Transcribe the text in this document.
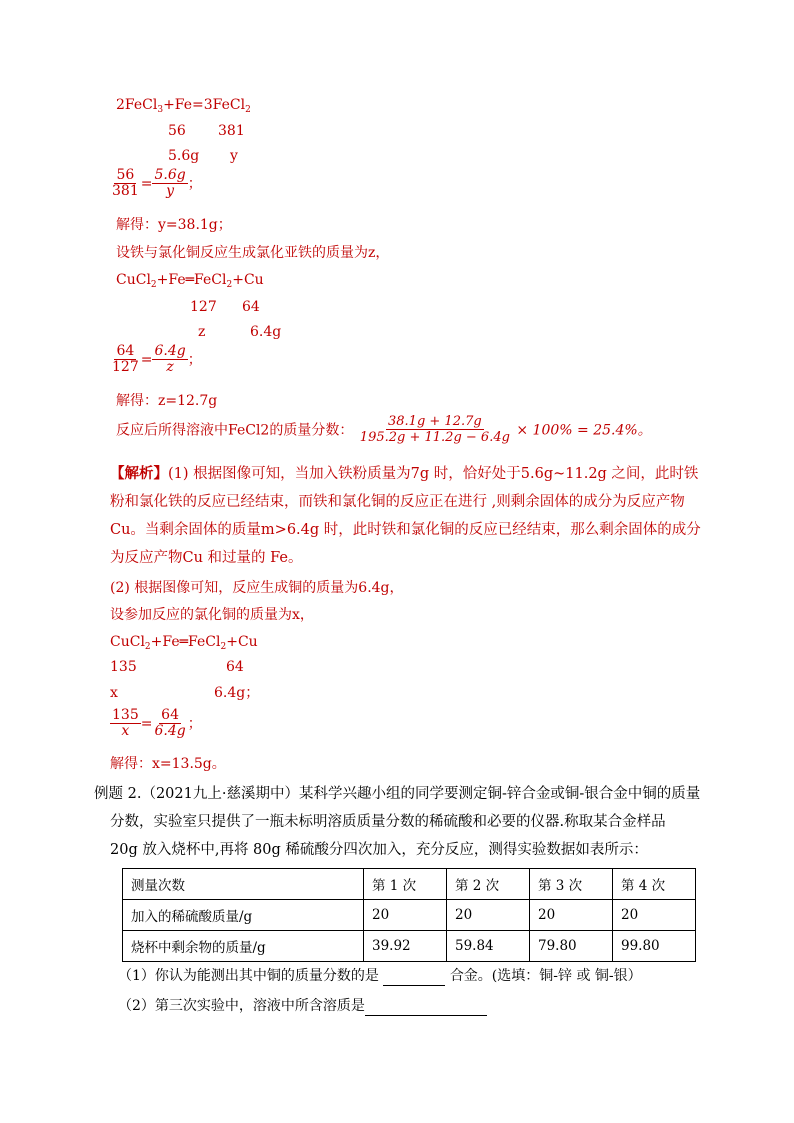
2FeCl$_3$+Fe=3FeCl$_2$
56 381
5.6g y
$\frac{56}{381} = \frac{5.6g}{y}$ ；
解得：y=38.1g；
设铁与氯化铜反应生成氯化亚铁的质量为z，
CuCl$_2$+Fe═FeCl$_2$+Cu
127 64
z	6.4g
$\frac{64}{127} = \frac{6.4g}{z}$ ；
解得：z=12.7g
反应后所得溶液中FeCl2的质量分数： $\frac{38.1g + 12.7g}{195.2g + 11.2g - 6.4g} \times 100\% = 25.4\%$。
【解析】(1) 根据图像可知，当加入铁粉质量为7g 时，恰好处于5.6g~11.2g 之间，此时铁
粉和氯化铁的反应已经结束，而铁和氯化铜的反应正在进行 ,则剩余固体的成分为反应产物
Cu。当剩余固体的质量m>6.4g 时，此时铁和氯化铜的反应已经结束，那么剩余固体的成分
为反应产物Cu 和过量的 Fe。
(2) 根据图像可知，反应生成铜的质量为6.4g，
设参加反应的氯化铜的质量为x，
CuCl$_2$+Fe═FeCl$_2$+Cu
135	64
x	6.4g；
$\frac{135}{x} = \frac{64}{6.4g}$ ；
解得：x=13.5g。
例题 2.（2021九上·慈溪期中）某科学兴趣小组的同学要测定铜-锌合金或铜-银合金中铜的质量
分数，实验室只提供了一瓶未标明溶质质量分数的稀硫酸和必要的仪器.称取某合金样品
20g 放入烧杯中,再将 80g 稀硫酸分四次加入，充分反应，测得实验数据如表所示：
测量次数	第 1 次	第 2 次	第 3 次	第 4 次
加入的稀硫酸质量/g	20	20	20	20
烧杯中剩余物的质量/g	39.92	59.84	79.80	99.80
（1）你认为能测出其中铜的质量分数的是	合金。(选填：铜-锌 或 铜-银）
（2）第三次实验中，溶液中所含溶质是
